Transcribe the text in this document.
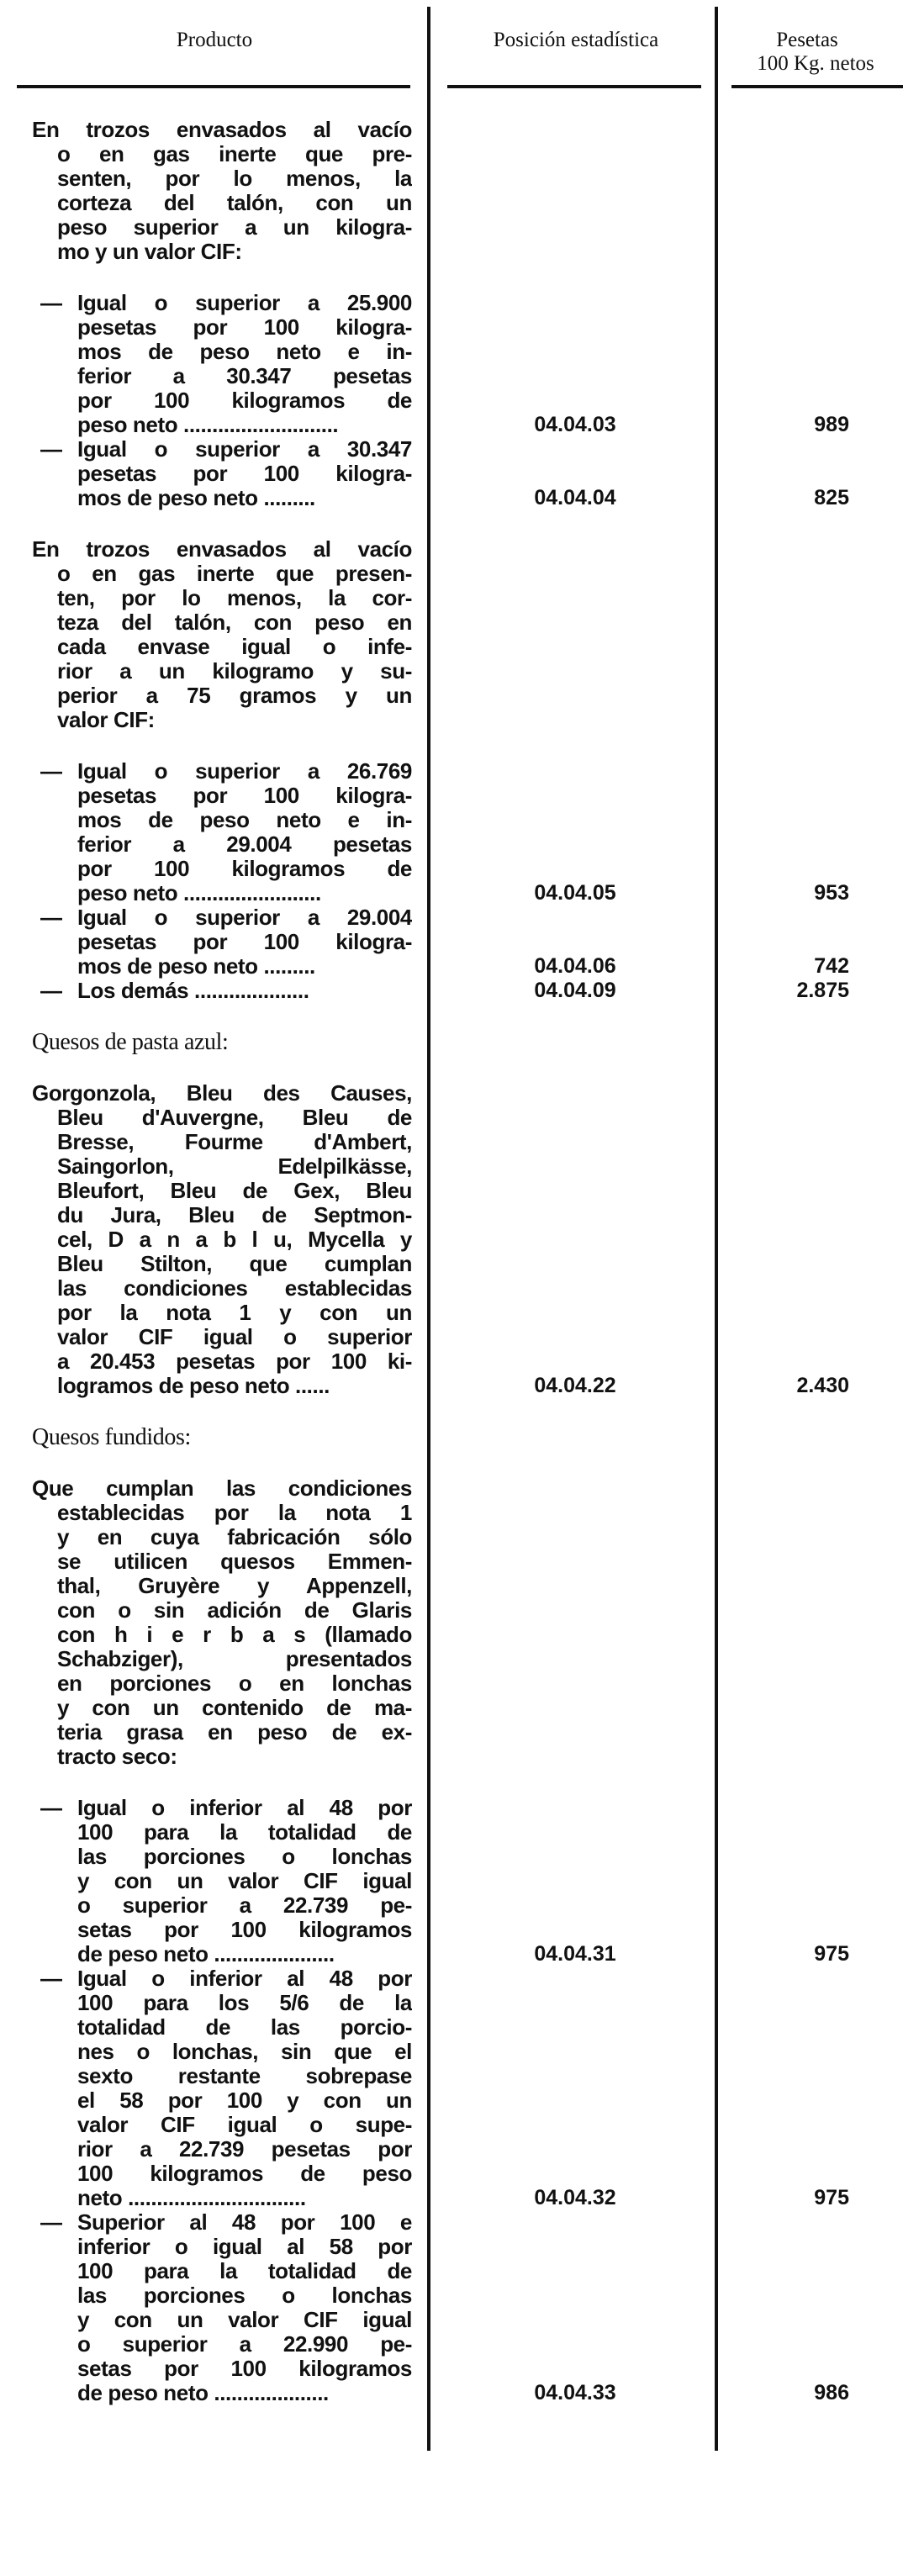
Producto	Posición estadística	Pesetas
100 Kg. netos
En trozos envasados al vacío
o en gas inerte que pre-
senten, por lo menos, la
corteza del talón, con un
peso superior a un kilogra-
mo y un valor CIF:
— Igual o superior a 25.900
pesetas por 100 kilogra-
mos de peso neto e in-
ferior a 30.347 pesetas
por 100 kilogramos de
peso neto ...........................	04.04.03	989
— Igual o superior a 30.347
pesetas por 100 kilogra-
mos de peso neto .........	04.04.04	825
En trozos envasados al vacío
o en gas inerte que presen-
ten, por lo menos, la cor-
teza del talón, con peso en
cada envase igual o infe-
rior a un kilogramo y su-
perior a 75 gramos y un
valor CIF:
— Igual o superior a 26.769
pesetas por 100 kilogra-
mos de peso neto e in-
ferior a 29.004 pesetas
por 100 kilogramos de
peso neto ........................	04.04.05	953
— Igual o superior a 29.004
pesetas por 100 kilogra-
mos de peso neto .........	04.04.06	742
— Los demás ....................	04.04.09	2.875
Quesos de pasta azul:
Gorgonzola, Bleu des Causes,
Bleu d'Auvergne, Bleu de
Bresse, Fourme d'Ambert,
Saingorlon, Edelpilkässe,
Bleufort, Bleu de Gex, Bleu
du Jura, Bleu de Septmon-
cel, D a n a b l u, Mycella y
Bleu Stilton, que cumplan
las condiciones establecidas
por la nota 1 y con un
valor CIF igual o superior
a 20.453 pesetas por 100 ki-
logramos de peso neto ......	04.04.22	2.430
Quesos fundidos:
Que cumplan las condiciones
establecidas por la nota 1
y en cuya fabricación sólo
se utilicen quesos Emmen-
thal, Gruyère y Appenzell,
con o sin adición de Glaris
con h i e r b a s (llamado
Schabziger), presentados
en porciones o en lonchas
y con un contenido de ma-
teria grasa en peso de ex-
tracto seco:
— Igual o inferior al 48 por
100 para la totalidad de
las porciones o lonchas
y con un valor CIF igual
o superior a 22.739 pe-
setas por 100 kilogramos
de peso neto .....................	04.04.31	975
— Igual o inferior al 48 por
100 para los 5/6 de la
totalidad de las porcio-
nes o lonchas, sin que el
sexto restante sobrepase
el 58 por 100 y con un
valor CIF igual o supe-
rior a 22.739 pesetas por
100 kilogramos de peso
neto ...............................	04.04.32	975
— Superior al 48 por 100 e
inferior o igual al 58 por
100 para la totalidad de
las porciones o lonchas
y con un valor CIF igual
o superior a 22.990 pe-
setas por 100 kilogramos
de peso neto ....................	04.04.33	986
